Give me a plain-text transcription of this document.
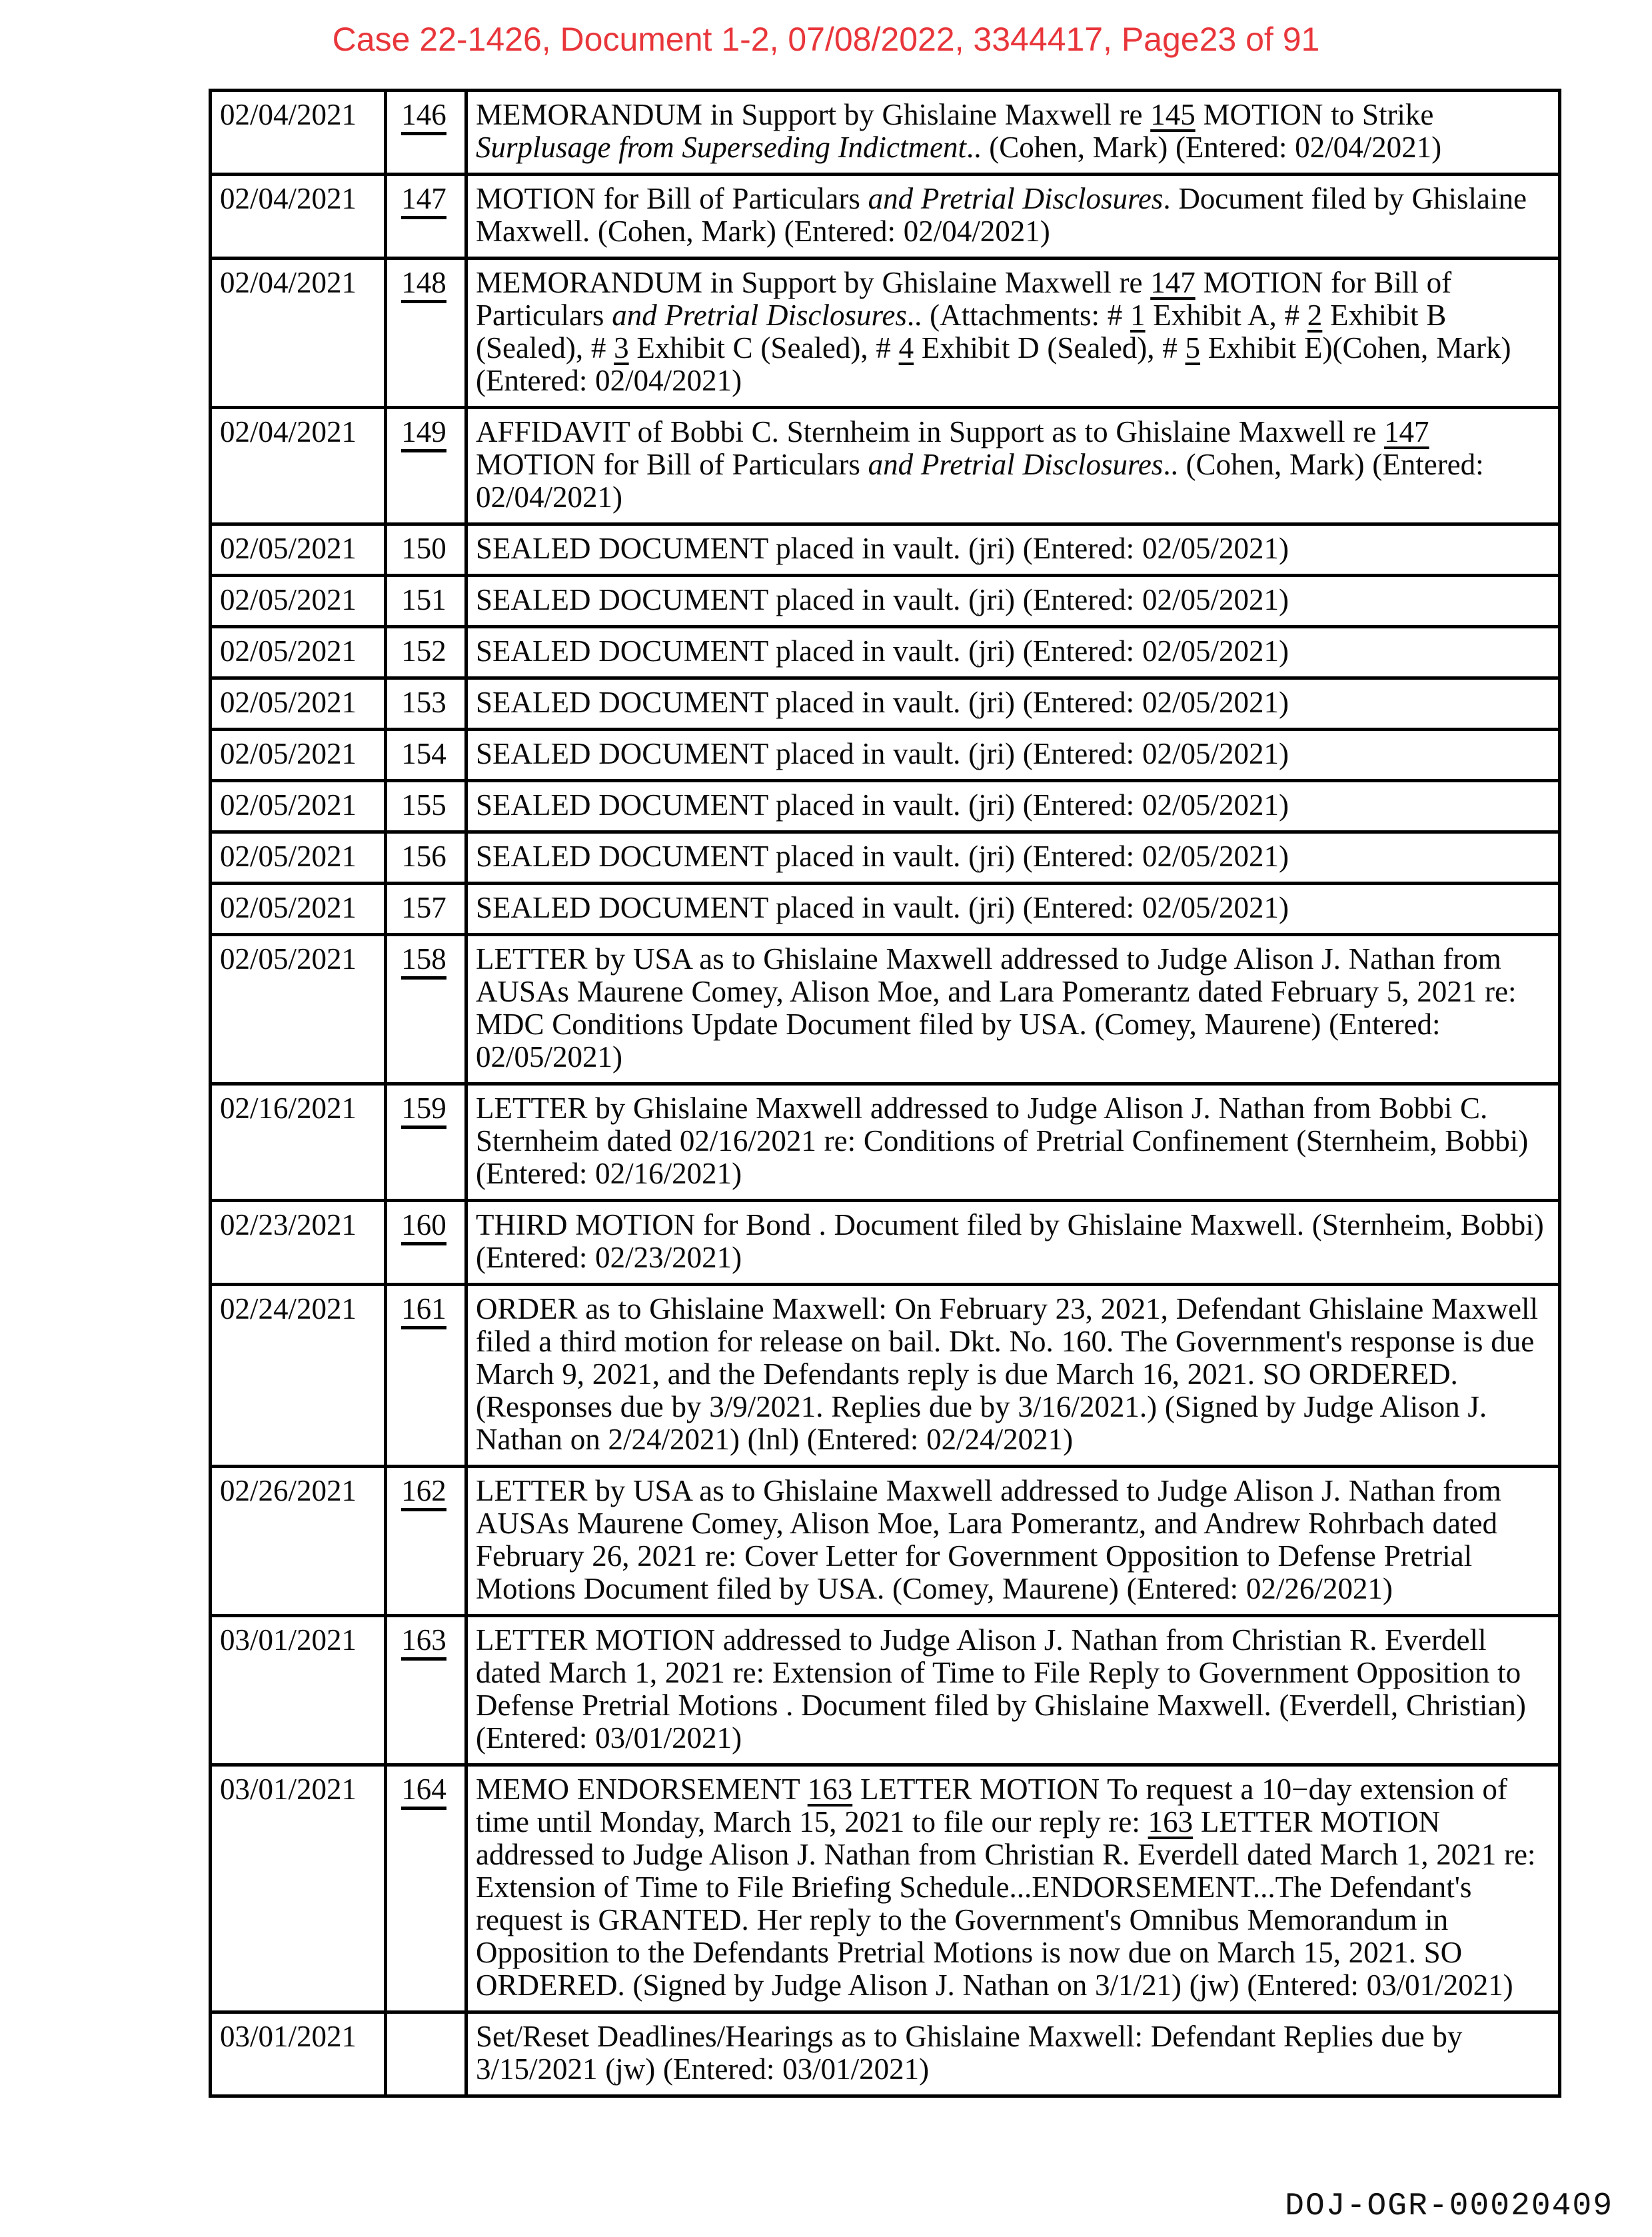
Case 22-1426, Document 1-2, 07/08/2022, 3344417, Page23 of 91
02/04/2021	146	MEMORANDUM in Support by Ghislaine Maxwell re 145 MOTION to Strike Surplusage from Superseding Indictment.. (Cohen, Mark) (Entered: 02/04/2021)
02/04/2021	147	MOTION for Bill of Particulars and Pretrial Disclosures. Document filed by Ghislaine Maxwell. (Cohen, Mark) (Entered: 02/04/2021)
02/04/2021	148	MEMORANDUM in Support by Ghislaine Maxwell re 147 MOTION for Bill of Particulars and Pretrial Disclosures.. (Attachments: # 1 Exhibit A, # 2 Exhibit B (Sealed), # 3 Exhibit C (Sealed), # 4 Exhibit D (Sealed), # 5 Exhibit E)(Cohen, Mark) (Entered: 02/04/2021)
02/04/2021	149	AFFIDAVIT of Bobbi C. Sternheim in Support as to Ghislaine Maxwell re 147 MOTION for Bill of Particulars and Pretrial Disclosures.. (Cohen, Mark) (Entered: 02/04/2021)
02/05/2021	150	SEALED DOCUMENT placed in vault. (jri) (Entered: 02/05/2021)
02/05/2021	151	SEALED DOCUMENT placed in vault. (jri) (Entered: 02/05/2021)
02/05/2021	152	SEALED DOCUMENT placed in vault. (jri) (Entered: 02/05/2021)
02/05/2021	153	SEALED DOCUMENT placed in vault. (jri) (Entered: 02/05/2021)
02/05/2021	154	SEALED DOCUMENT placed in vault. (jri) (Entered: 02/05/2021)
02/05/2021	155	SEALED DOCUMENT placed in vault. (jri) (Entered: 02/05/2021)
02/05/2021	156	SEALED DOCUMENT placed in vault. (jri) (Entered: 02/05/2021)
02/05/2021	157	SEALED DOCUMENT placed in vault. (jri) (Entered: 02/05/2021)
02/05/2021	158	LETTER by USA as to Ghislaine Maxwell addressed to Judge Alison J. Nathan from AUSAs Maurene Comey, Alison Moe, and Lara Pomerantz dated February 5, 2021 re: MDC Conditions Update Document filed by USA. (Comey, Maurene) (Entered: 02/05/2021)
02/16/2021	159	LETTER by Ghislaine Maxwell addressed to Judge Alison J. Nathan from Bobbi C. Sternheim dated 02/16/2021 re: Conditions of Pretrial Confinement (Sternheim, Bobbi) (Entered: 02/16/2021)
02/23/2021	160	THIRD MOTION for Bond . Document filed by Ghislaine Maxwell. (Sternheim, Bobbi) (Entered: 02/23/2021)
02/24/2021	161	ORDER as to Ghislaine Maxwell: On February 23, 2021, Defendant Ghislaine Maxwell filed a third motion for release on bail. Dkt. No. 160. The Government's response is due March 9, 2021, and the Defendants reply is due March 16, 2021. SO ORDERED. (Responses due by 3/9/2021. Replies due by 3/16/2021.) (Signed by Judge Alison J. Nathan on 2/24/2021) (lnl) (Entered: 02/24/2021)
02/26/2021	162	LETTER by USA as to Ghislaine Maxwell addressed to Judge Alison J. Nathan from AUSAs Maurene Comey, Alison Moe, Lara Pomerantz, and Andrew Rohrbach dated February 26, 2021 re: Cover Letter for Government Opposition to Defense Pretrial Motions Document filed by USA. (Comey, Maurene) (Entered: 02/26/2021)
03/01/2021	163	LETTER MOTION addressed to Judge Alison J. Nathan from Christian R. Everdell dated March 1, 2021 re: Extension of Time to File Reply to Government Opposition to Defense Pretrial Motions . Document filed by Ghislaine Maxwell. (Everdell, Christian) (Entered: 03/01/2021)
03/01/2021	164	MEMO ENDORSEMENT 163 LETTER MOTION To request a 10−day extension of time until Monday, March 15, 2021 to file our reply re: 163 LETTER MOTION addressed to Judge Alison J. Nathan from Christian R. Everdell dated March 1, 2021 re: Extension of Time to File Briefing Schedule...ENDORSEMENT...The Defendant's request is GRANTED. Her reply to the Government's Omnibus Memorandum in Opposition to the Defendants Pretrial Motions is now due on March 15, 2021. SO ORDERED. (Signed by Judge Alison J. Nathan on 3/1/21) (jw) (Entered: 03/01/2021)
03/01/2021		Set/Reset Deadlines/Hearings as to Ghislaine Maxwell: Defendant Replies due by 3/15/2021 (jw) (Entered: 03/01/2021)
DOJ-OGR-00020409
